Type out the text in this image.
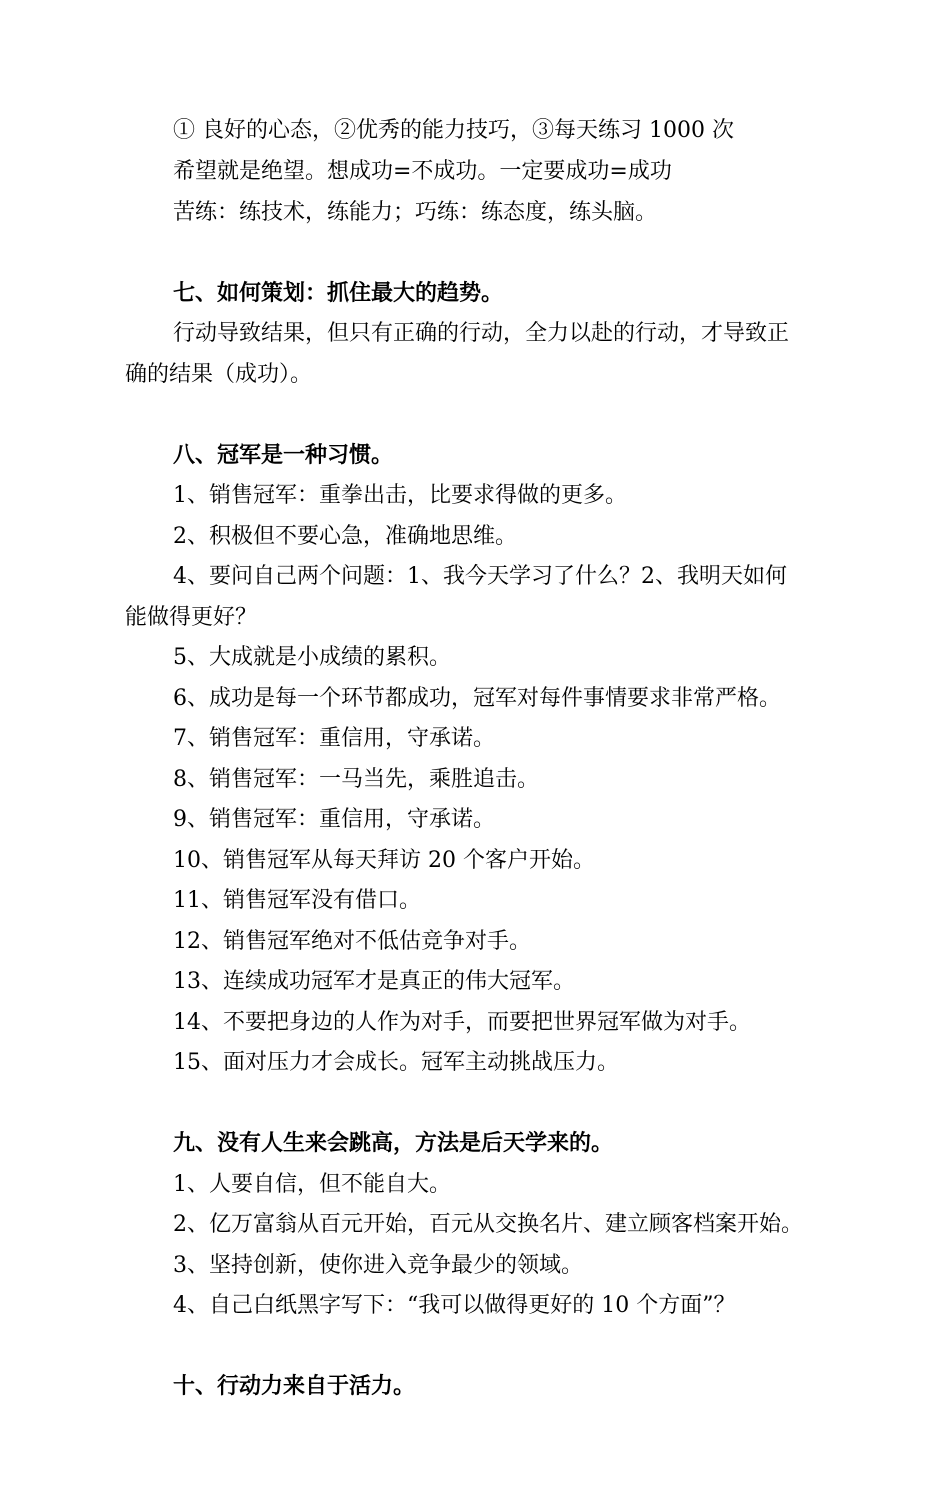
① 良好的心态，②优秀的能力技巧，③每天练习 1000 次
希望就是绝望。想成功=不成功。一定要成功=成功
苦练：练技术，练能力；巧练：练态度，练头脑。
七、如何策划：抓住最大的趋势。
行动导致结果，但只有正确的行动，全力以赴的行动，才导致正
确的结果（成功）。
八、冠军是一种习惯。
1、销售冠军：重拳出击，比要求得做的更多。
2、积极但不要心急，准确地思维。
4、要问自己两个问题：1、我今天学习了什么？2、我明天如何
能做得更好？
5、大成就是小成绩的累积。
6、成功是每一个环节都成功，冠军对每件事情要求非常严格。
7、销售冠军：重信用，守承诺。
8、销售冠军：一马当先，乘胜追击。
9、销售冠军：重信用，守承诺。
10、销售冠军从每天拜访 20 个客户开始。
11、销售冠军没有借口。
12、销售冠军绝对不低估竞争对手。
13、连续成功冠军才是真正的伟大冠军。
14、不要把身边的人作为对手，而要把世界冠军做为对手。
15、面对压力才会成长。冠军主动挑战压力。
九、没有人生来会跳高，方法是后天学来的。
1、人要自信，但不能自大。
2、亿万富翁从百元开始，百元从交换名片、建立顾客档案开始。
3、坚持创新，使你进入竞争最少的领域。
4、自己白纸黑字写下：“我可以做得更好的 10 个方面”？
十、行动力来自于活力。
